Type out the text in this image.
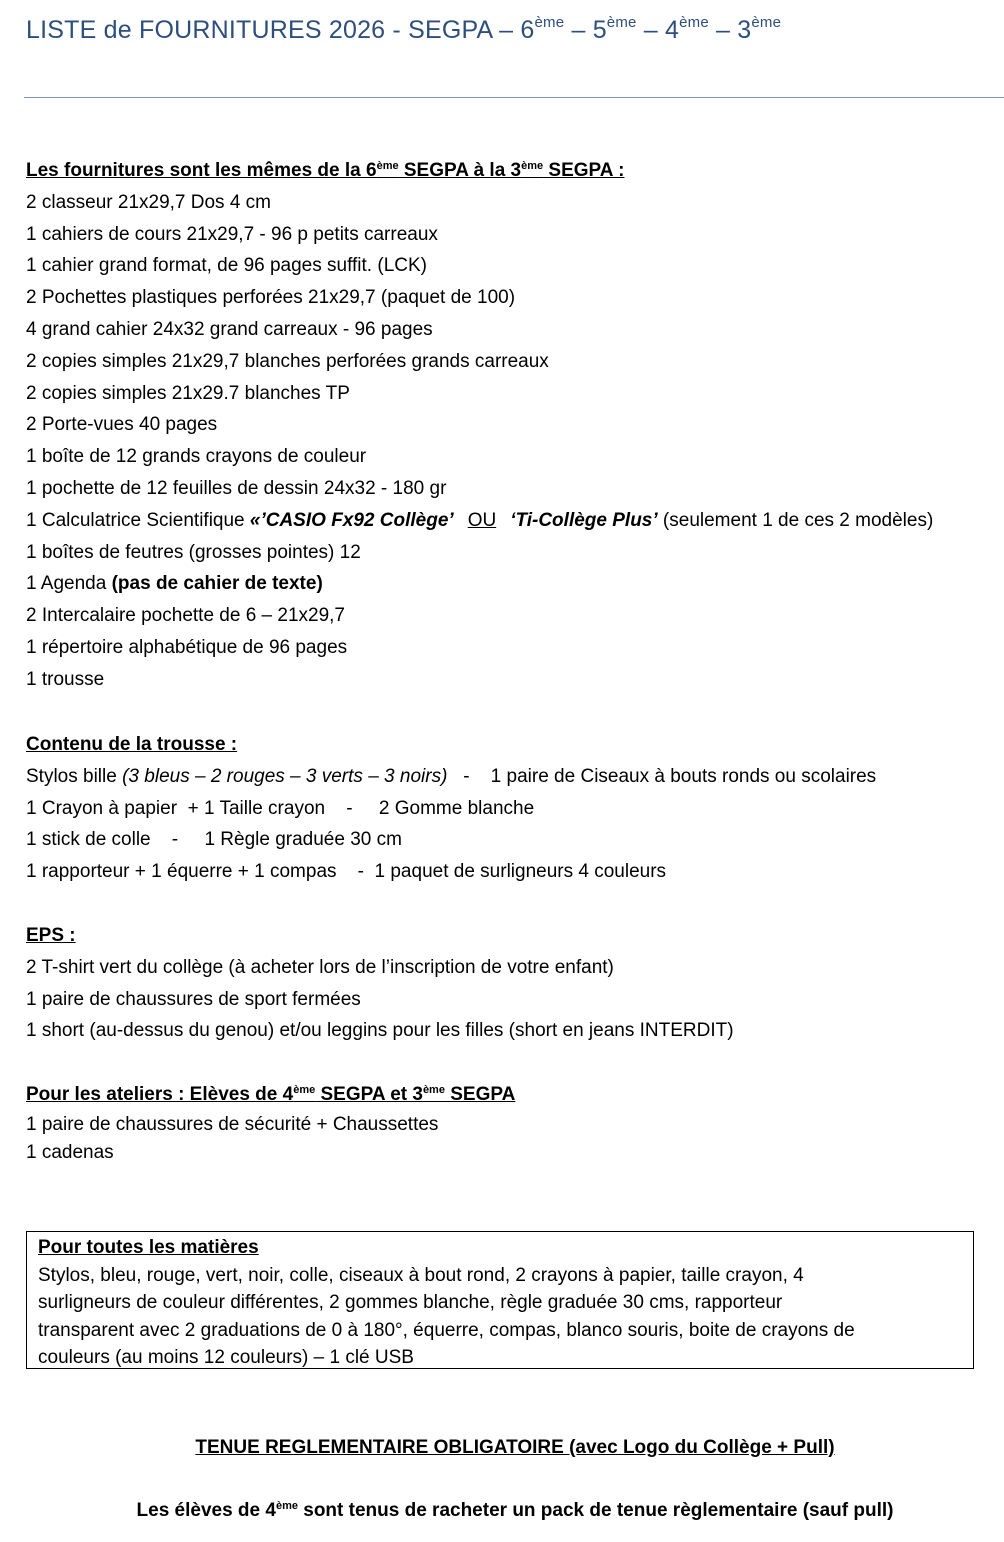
LISTE de FOURNITURES 2026 - SEGPA – 6ème – 5ème – 4ème – 3ème
Les fournitures sont les mêmes de la 6ème SEGPA à la 3ème SEGPA :
2 classeur 21x29,7 Dos 4 cm
1 cahiers de cours 21x29,7 - 96 p petits carreaux
1 cahier grand format, de 96 pages suffit. (LCK)
2 Pochettes plastiques perforées 21x29,7 (paquet de 100)
4 grand cahier 24x32 grand carreaux - 96 pages
2 copies simples 21x29,7 blanches perforées grands carreaux
2 copies simples 21x29.7 blanches TP
2 Porte-vues 40 pages
1 boîte de 12 grands crayons de couleur
1 pochette de 12 feuilles de dessin 24x32 - 180 gr
1 Calculatrice Scientifique «’CASIO Fx92 Collège’ OU ‘Ti-Collège Plus’ (seulement 1 de ces 2 modèles)
1 boîtes de feutres (grosses pointes) 12
1 Agenda (pas de cahier de texte)
2 Intercalaire pochette de 6 – 21x29,7
1 répertoire alphabétique de 96 pages
1 trousse
Contenu de la trousse :
Stylos bille (3 bleus – 2 rouges – 3 verts – 3 noirs)   -    1 paire de Ciseaux à bouts ronds ou scolaires
1 Crayon à papier  + 1 Taille crayon    -     2 Gomme blanche
1 stick de colle    -     1 Règle graduée 30 cm
1 rapporteur + 1 équerre + 1 compas    -  1 paquet de surligneurs 4 couleurs
EPS :
2 T-shirt vert du collège (à acheter lors de l’inscription de votre enfant)
1 paire de chaussures de sport fermées
1 short (au-dessus du genou) et/ou leggins pour les filles (short en jeans INTERDIT)
Pour les ateliers : Elèves de 4ème SEGPA et 3ème SEGPA
1 paire de chaussures de sécurité + Chaussettes
1 cadenas
Pour toutes les matières
Stylos, bleu, rouge, vert, noir, colle, ciseaux à bout rond, 2 crayons à papier, taille crayon, 4
surligneurs de couleur différentes, 2 gommes blanche, règle graduée 30 cms, rapporteur
transparent avec 2 graduations de 0 à 180°, équerre, compas, blanco souris, boite de crayons de
couleurs (au moins 12 couleurs) – 1 clé USB
TENUE REGLEMENTAIRE OBLIGATOIRE (avec Logo du Collège + Pull)
Les élèves de 4ème sont tenus de racheter un pack de tenue règlementaire (sauf pull)
